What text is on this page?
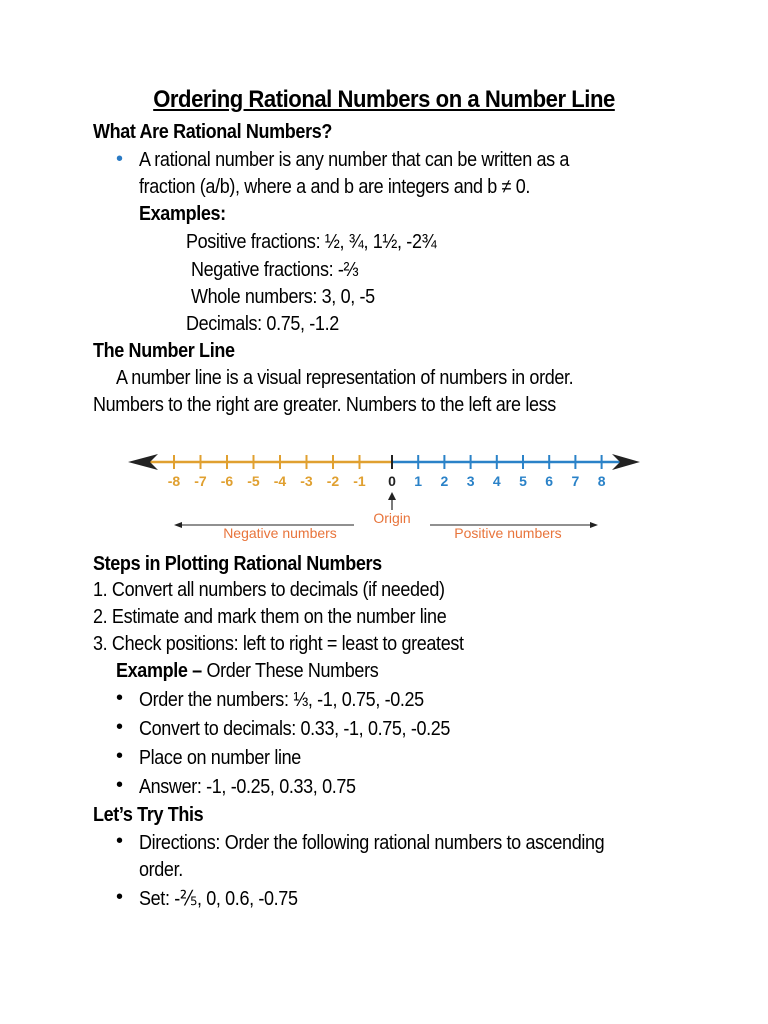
Ordering Rational Numbers on a Number Line
What Are Rational Numbers?
• A rational number is any number that can be written as a
fraction (a/b), where a and b are integers and b ≠ 0.
Examples:
Positive fractions: ½, ¾, 1½, -2¾
Negative fractions: -⅔
Whole numbers: 3, 0, -5
Decimals: 0.75, -1.2
The Number Line
A number line is a visual representation of numbers in order.
Numbers to the right are greater. Numbers to the left are less
-8 -7 -6 -5 -4 -3 -2 -1 0 1 2 3 4 5 6 7 8
Origin
Negative numbers	Positive numbers
Steps in Plotting Rational Numbers
1. Convert all numbers to decimals (if needed)
2. Estimate and mark them on the number line
3. Check positions: left to right = least to greatest
Example – Order These Numbers
• Order the numbers: ⅓, -1, 0.75, -0.25
• Convert to decimals: 0.33, -1, 0.75, -0.25
• Place on number line
• Answer: -1, -0.25, 0.33, 0.75
Let’s Try This
• Directions: Order the following rational numbers to ascending
order.
• Set: -⅖, 0, 0.6, -0.75
